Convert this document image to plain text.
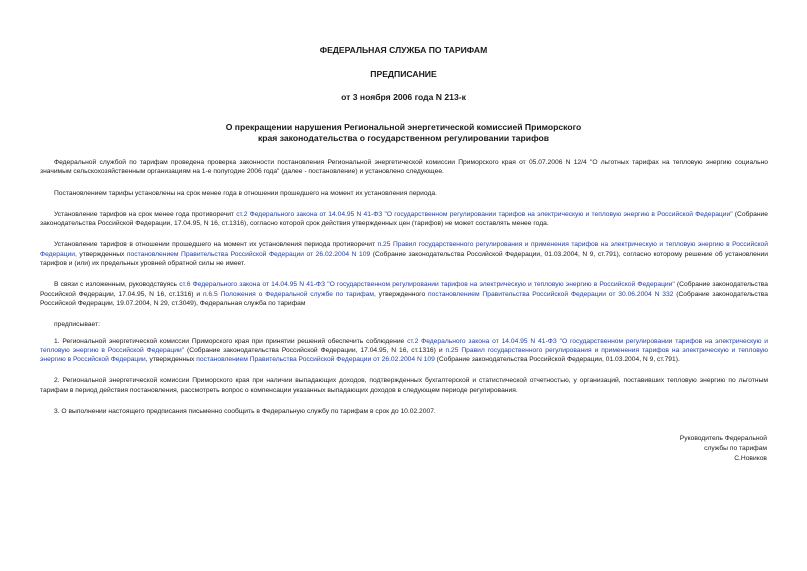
ФЕДЕРАЛЬНАЯ СЛУЖБА ПО ТАРИФАМ

ПРЕДПИСАНИЕ

от 3 ноября 2006 года N 213-к

О прекращении нарушения Региональной энергетической комиссией Приморского

края законодательства о государственном регулировании тарифов

Федеральной службой по тарифам проведена проверка законности постановления Региональной энергетической комиссии Приморского края от 05.07.2006 N 12/4 "О льготных тарифах на тепловую энергию социально значимым сельскохозяйственным организациям на 1-е полугодие 2006 года" (далее - постановление) и установлено следующее.

Постановлением тарифы установлены на срок менее года в отношении прошедшего на момент их установления периода.

Установление тарифов на срок менее года противоречит ст.2 Федерального закона от 14.04.95 N 41-ФЗ "О государственном регулировании тарифов на электрическую и тепловую энергию в Российской Федерации" (Собрание законодательства Российской Федерации, 17.04.95, N 16, ст.1316), согласно которой срок действия утвержденных цен (тарифов) не может составлять менее года.

Установление тарифов в отношении прошедшего на момент их установления периода противоречит п.25 Правил государственного регулирования и применения тарифов на электрическую и тепловую энергию в Российской Федерации, утвержденных постановлением Правительства Российской Федерации от 26.02.2004 N 109 (Собрание законодательства Российской Федерации, 01.03.2004, N 9, ст.791), согласно которому решение об установлении тарифов и (или) их предельных уровней обратной силы не имеет.

В связи с изложенным, руководствуясь ст.6 Федерального закона от 14.04.95 N 41-ФЗ "О государственном регулировании тарифов на электрическую и тепловую энергию в Российской Федерации" (Собрание законодательства Российской Федерации, 17.04.95, N 16, ст.1316) и п.6.5 Положения о Федеральной службе по тарифам, утвержденного постановлением Правительства Российской Федерации от 30.06.2004 N 332 (Собрание законодательства Российской Федерации, 19.07.2004, N 29, ст.3049), Федеральная служба по тарифам

предписывает:

1. Региональной энергетической комиссии Приморского края при принятии решений обеспечить соблюдение ст.2 Федерального закона от 14.04.95 N 41-ФЗ "О государственном регулировании тарифов на электрическую и тепловую энергию в Российской Федерации" (Собрание законодательства Российской Федерации, 17.04.95, N 16, ст.1316) и п.25 Правил государственного регулирования и применения тарифов на электрическую и тепловую энергию в Российской Федерации, утвержденных постановлением Правительства Российской Федерации от 26.02.2004 N 109 (Собрание законодательства Российской Федерации, 01.03.2004, N 9, ст.791).

2. Региональной энергетической комиссии Приморского края при наличии выпадающих доходов, подтвержденных бухгалтерской и статистической отчетностью, у организаций, поставивших тепловую энергию по льготным тарифам в период действия постановления, рассмотреть вопрос о компенсации указанных выпадающих доходов в следующем периоде регулирования.

3. О выполнении настоящего предписания письменно сообщить в Федеральную службу по тарифам в срок до 10.02.2007.

Руководитель Федеральной
службы по тарифам
С.Новиков
